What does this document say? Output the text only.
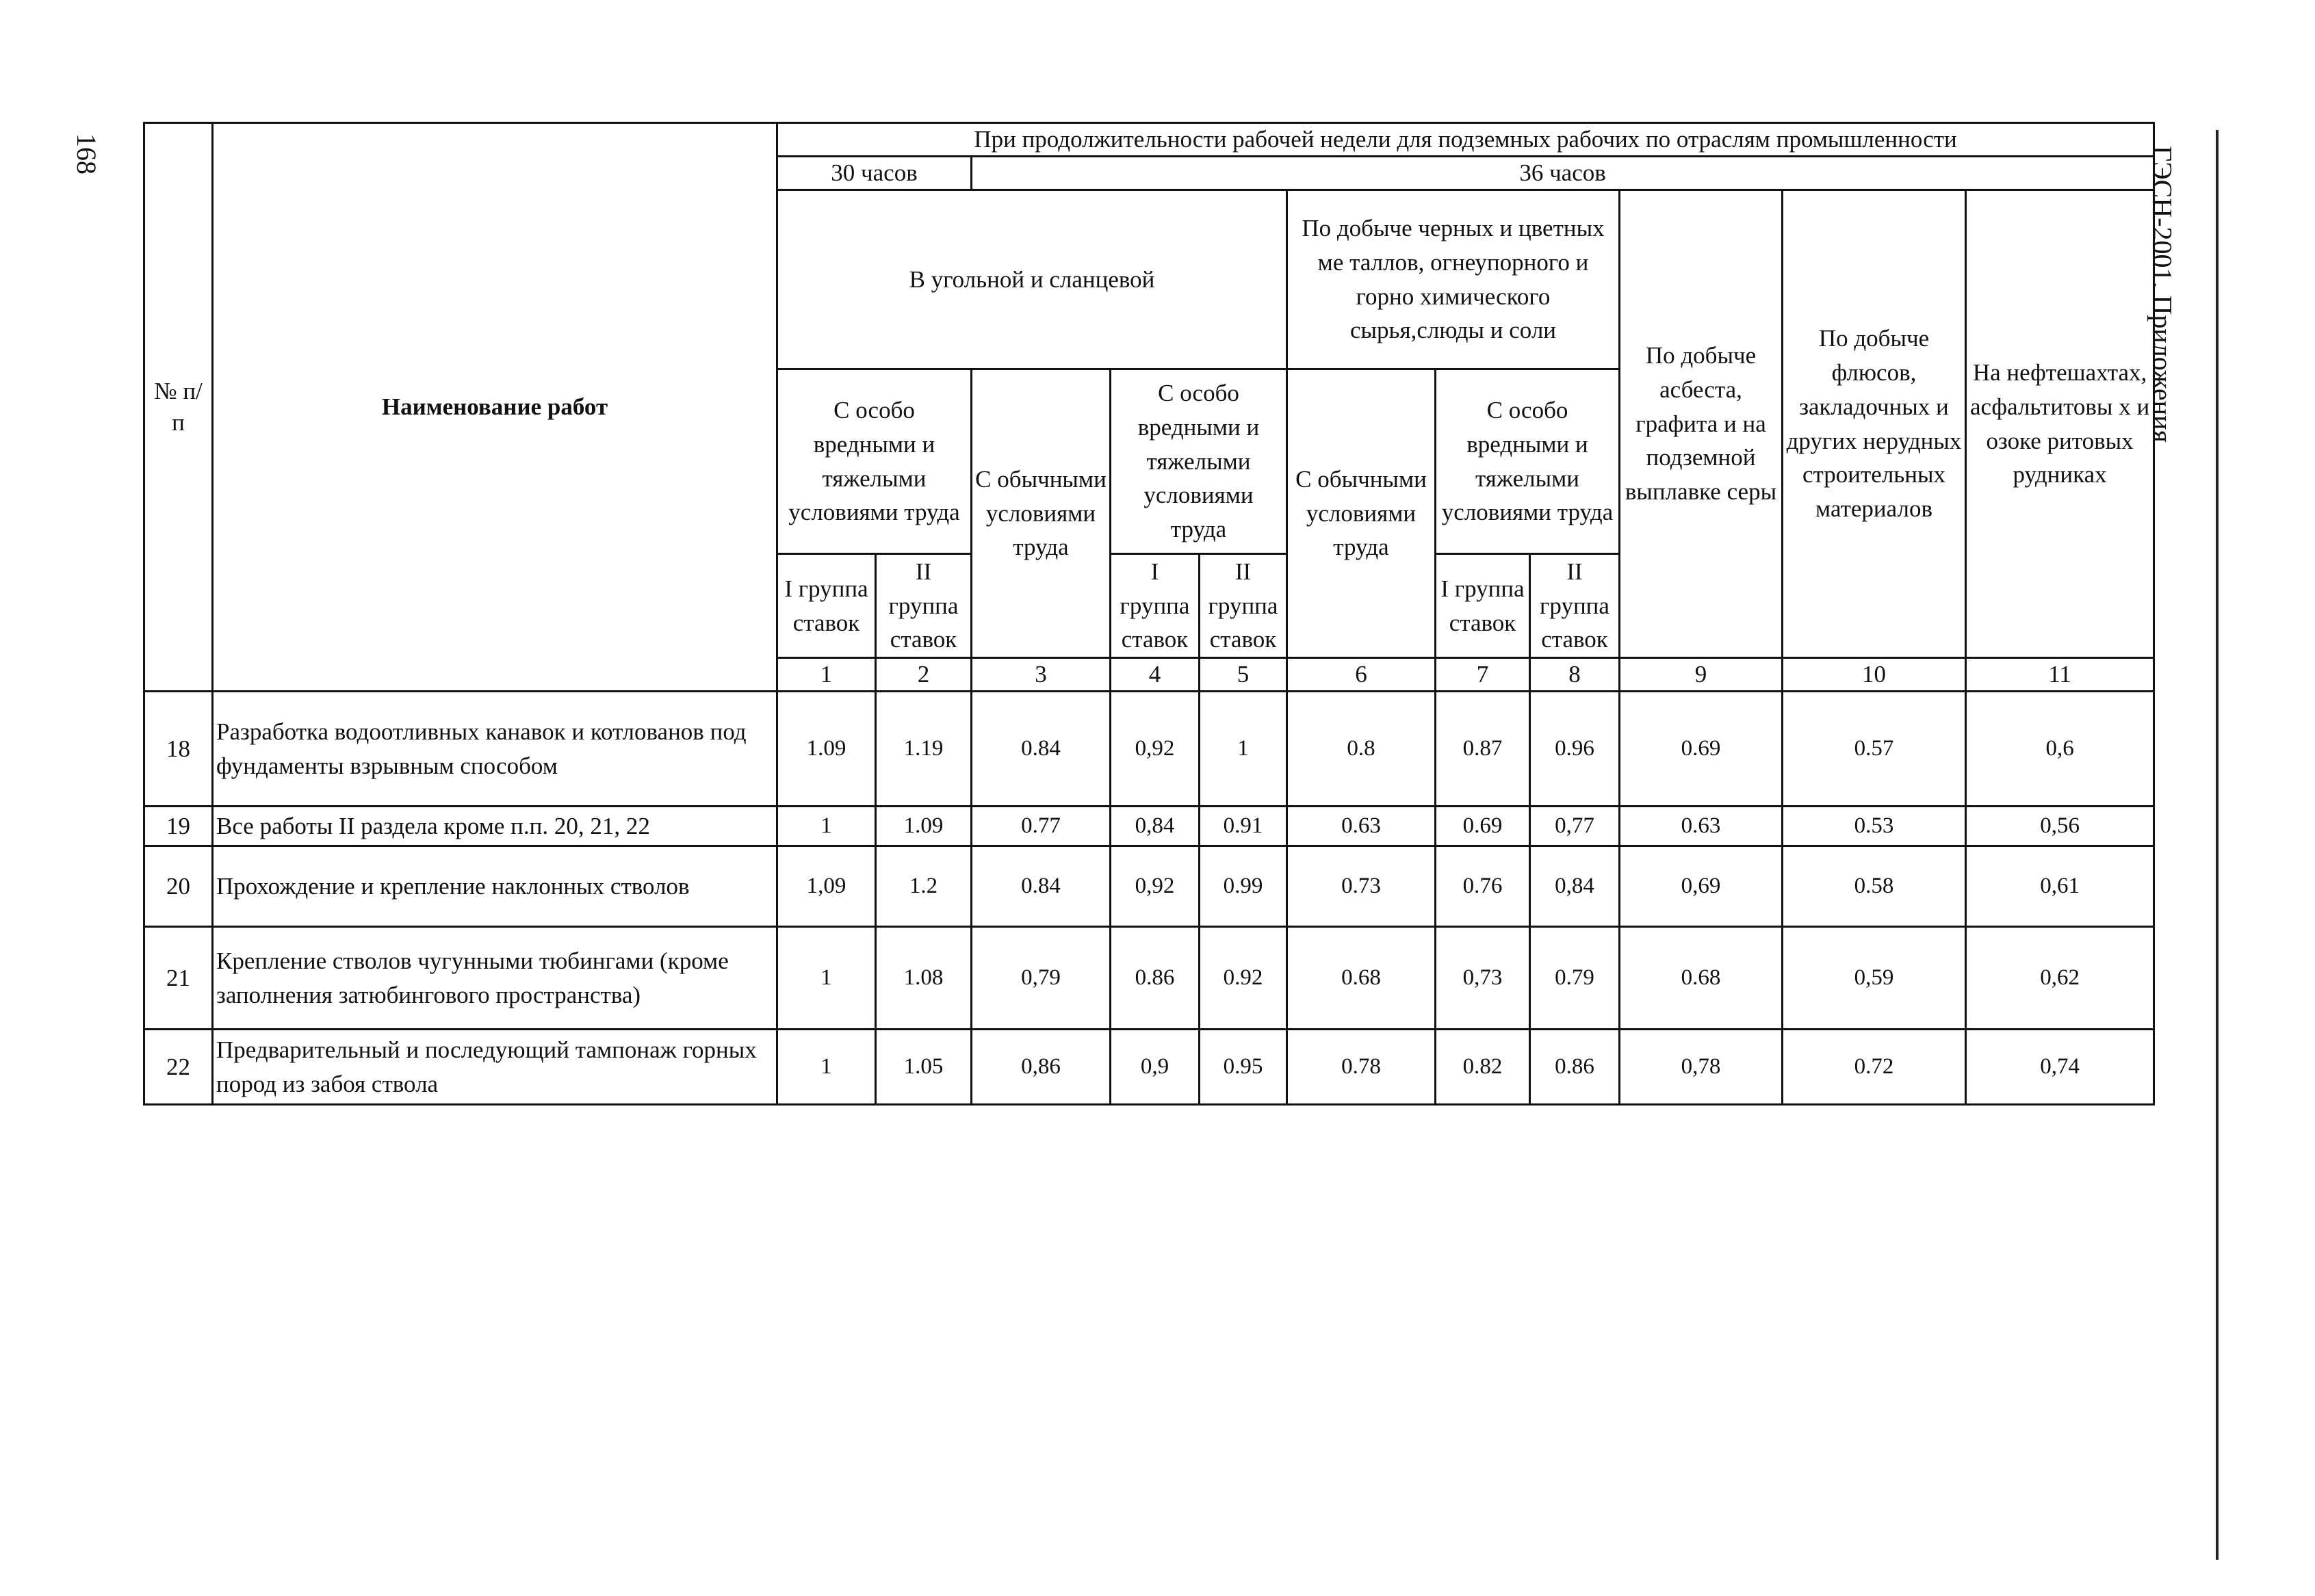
168	ГЭСН-2001. Приложения
№ п/п	Наименование работ	При продолжительности рабочей недели для подземных рабочих по отраслям промышленности											
		30 часов		36 часов									
		В угольной и сланцевой					По добыче черных и цветных ме таллов, огнеупорного и горно химического сырья,слюды и соли			По добыче асбеста, графита и на подземной выплавке серы	По добыче флюсов, закладочных и других нерудных строительных материалов	На нефтешахтах, асфальтитовы х и озоке ритовых рудниках	
		С особо вредными и тяжелыми условиями труда		С обычными условиями труда	С особо вредными и тяжелыми условиями труда		С обычными условиями труда	С особо вредными и тяжелыми условиями труда					
		I группа ставок	II группа ставок		I группа ставок	II группа ставок		I группа ставок	II группа ставок				
		1	2	3	4	5	6	7	8	9	10	11		
18	Разработка водоотливных канавок и котлованов под фундаменты взрывным способом	1.09	1.19	0.84	0,92	1	0.8	0.87	0.96	0.69	0.57	0,6	
19	Все работы II раздела кроме п.п. 20, 21, 22	1	1.09	0.77	0,84	0.91	0.63	0.69	0,77	0.63	0.53	0,56	
20	Прохождение и крепление наклонных стволов	1,09	1.2	0.84	0,92	0.99	0.73	0.76	0,84	0,69	0.58	0,61	
21	Крепление стволов чугунными тюбингами (кроме заполнения затюбингового пространства)	1	1.08	0,79	0.86	0.92	0.68	0,73	0.79	0.68	0,59	0,62	
22	Предварительный и последующий тампонаж горных пород из забоя ствола	1	1.05	0,86	0,9	0.95	0.78	0.82	0.86	0,78	0.72	0,74	
